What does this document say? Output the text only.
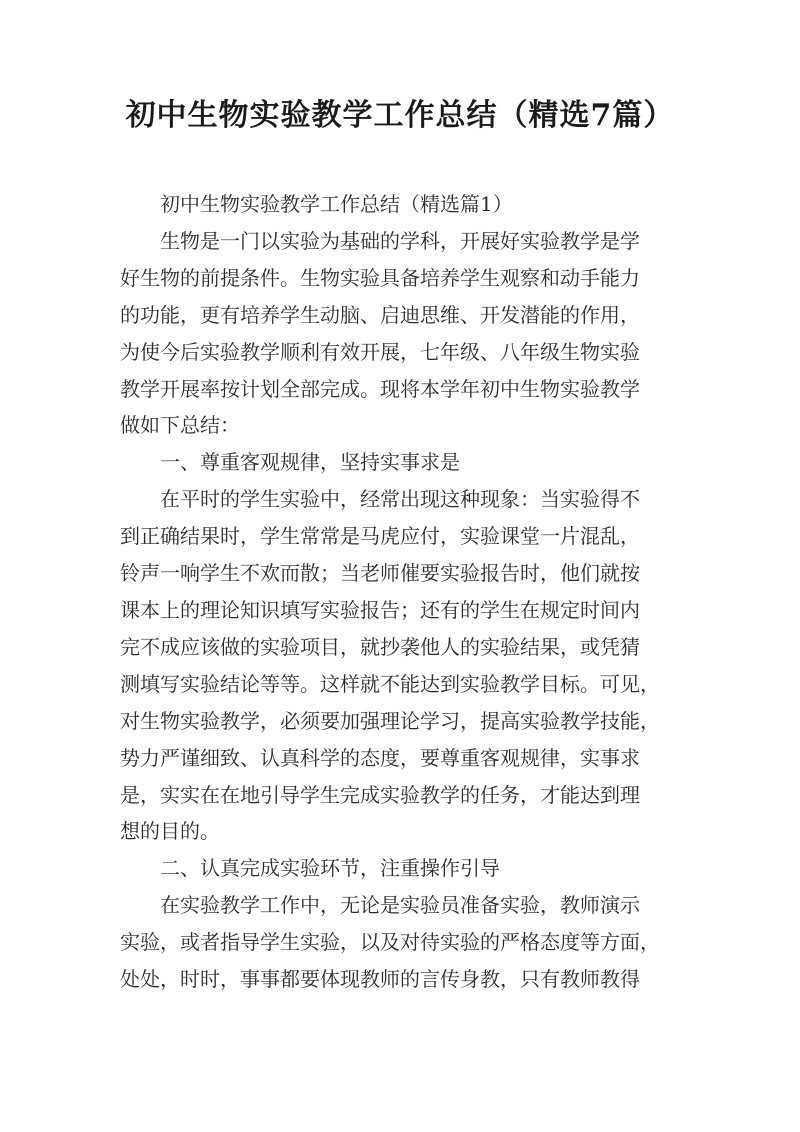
初中生物实验教学工作总结（精选7篇）
初中生物实验教学工作总结（精选篇1）
生物是一门以实验为基础的学科，开展好实验教学是学
好生物的前提条件。生物实验具备培养学生观察和动手能力
的功能，更有培养学生动脑、启迪思维、开发潜能的作用，
为使今后实验教学顺利有效开展，七年级、八年级生物实验
教学开展率按计划全部完成。现将本学年初中生物实验教学
做如下总结：
一、尊重客观规律，坚持实事求是
在平时的学生实验中，经常出现这种现象：当实验得不
到正确结果时，学生常常是马虎应付，实验课堂一片混乱，
铃声一响学生不欢而散；当老师催要实验报告时，他们就按
课本上的理论知识填写实验报告；还有的学生在规定时间内
完不成应该做的实验项目，就抄袭他人的实验结果，或凭猜
测填写实验结论等等。这样就不能达到实验教学目标。可见，
对生物实验教学，必须要加强理论学习，提高实验教学技能，
势力严谨细致、认真科学的态度，要尊重客观规律，实事求
是，实实在在地引导学生完成实验教学的任务，才能达到理
想的目的。
二、认真完成实验环节，注重操作引导
在实验教学工作中，无论是实验员准备实验，教师演示
实验，或者指导学生实验，以及对待实验的严格态度等方面，
处处，时时，事事都要体现教师的言传身教，只有教师教得
